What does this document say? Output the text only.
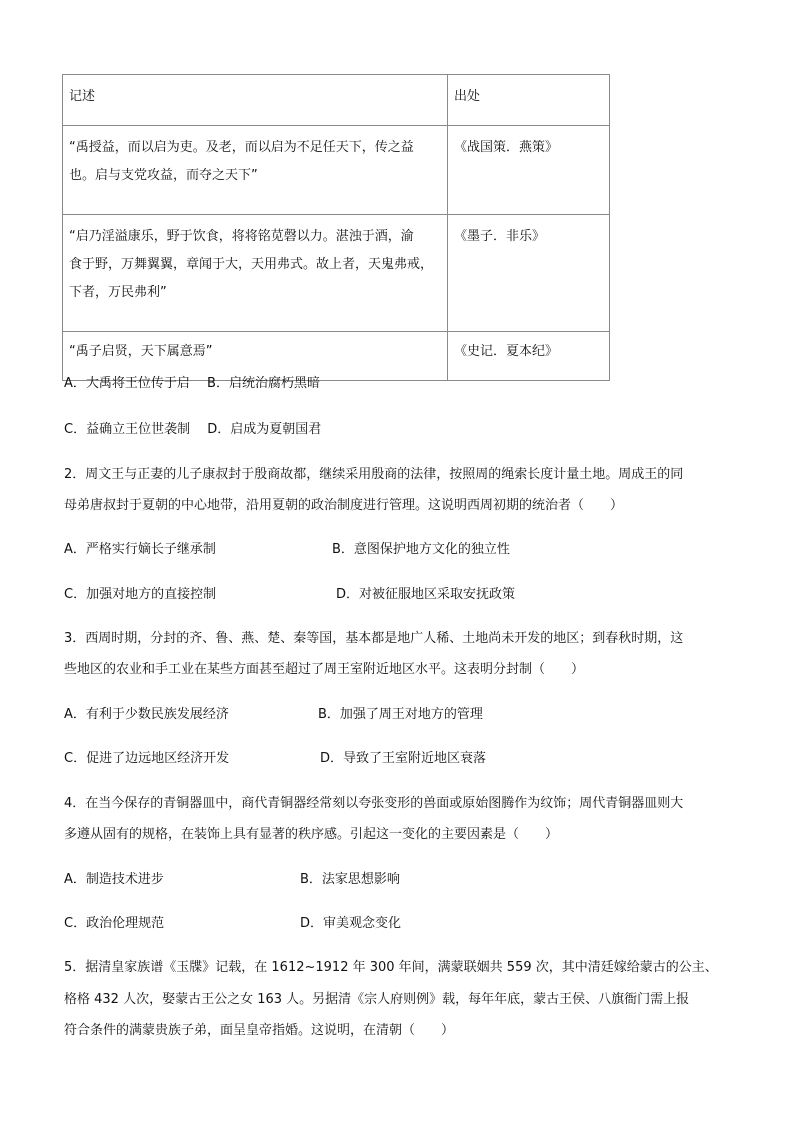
记述	出处

“禹授益，而以启为吏。及老，而以启为不足任天下，传之益
也。启与支党攻益，而夺之天下”	《战国策．燕策》

“启乃淫溢康乐，野于饮食，将将铭苋磬以力。湛浊于酒，渝
食于野，万舞翼翼，章闻于大，天用弗式。故上者，天鬼弗戒，
下者，万民弗利”	《墨子．非乐》
“禹子启贤，天下属意焉”	《史记．夏本纪》
A．大禹将王位传于启　 B．启统治腐朽黑暗
C．益确立王位世袭制　 D．启成为夏朝国君
2．周文王与正妻的儿子康叔封于殷商故都，继续采用殷商的法律，按照周的绳索长度计量土地。周成王的同
母弟唐叔封于夏朝的中心地带，沿用夏朝的政治制度进行管理。这说明西周初期的统治者（　　）
A．严格实行嫡长子继承制	B．意图保护地方文化的独立性
C．加强对地方的直接控制	D．对被征服地区采取安抚政策
3．西周时期，分封的齐、鲁、燕、楚、秦等国，基本都是地广人稀、土地尚未开发的地区；到春秋时期，这
些地区的农业和手工业在某些方面甚至超过了周王室附近地区水平。这表明分封制（　　）
A．有利于少数民族发展经济	B．加强了周王对地方的管理
C．促进了边远地区经济开发	D．导致了王室附近地区衰落
4．在当今保存的青铜器皿中，商代青铜器经常刻以夸张变形的兽面或原始图腾作为纹饰；周代青铜器皿则大
多遵从固有的规格，在装饰上具有显著的秩序感。引起这一变化的主要因素是（　　）
A．制造技术进步	B．法家思想影响
C．政治伦理规范	D．审美观念变化
5．据清皇家族谱《玉牒》记载，在 1612~1912 年 300 年间，满蒙联姻共 559 次，其中清廷嫁给蒙古的公主、
格格 432 人次，娶蒙古王公之女 163 人。另据清《宗人府则例》载，每年年底，蒙古王侯、八旗衙门需上报
符合条件的满蒙贵族子弟，面呈皇帝指婚。这说明，在清朝（　　）
